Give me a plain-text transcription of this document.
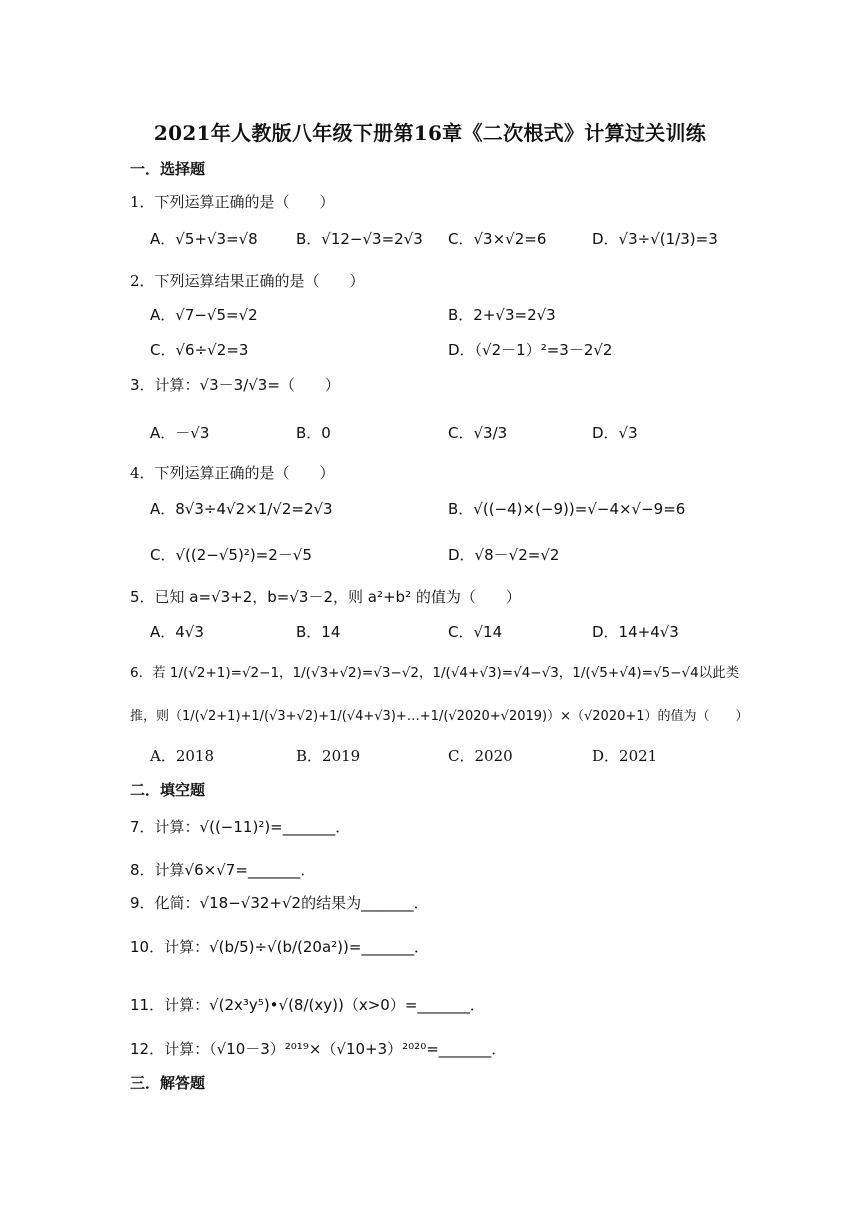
2021年人教版八年级下册第16章《二次根式》计算过关训练
一．选择题
1．下列运算正确的是（　　）
A．√5+√3=√8	B．√12−√3=2√3 C．√3×√2=6	D．√3÷√(1/3)=3
2．下列运算结果正确的是（　　）
A．√7−√5=√2	B．2+√3=2√3
C．√6÷√2=3	D．（√2－1）²=3－2√2
3．计算：√3－3/√3=（　　）
A．－√3	B．0	C．√3/3	D．√3
4．下列运算正确的是（　　）
A．8√3÷4√2×1/√2=2√3	B．√((−4)×(−9))=√−4×√−9=6
C．√((2−√5)²)=2－√5	D．√8－√2=√2
5．已知 a=√3+2，b=√3－2，则 a²+b² 的值为（　　）
A．4√3	B．14	C．√14	D．14+4√3
6．若 1/(√2+1)=√2−1，1/(√3+√2)=√3−√2，1/(√4+√3)=√4−√3，1/(√5+√4)=√5−√4以此类
推，则（1/(√2+1)+1/(√3+√2)+1/(√4+√3)+…+1/(√2020+√2019)）×（√2020+1）的值为（　　）
A．2018	B．2019	C．2020	D．2021
二．填空题
7．计算：√((−11)²)=_______．
8．计算√6×√7=_______．
9．化简：√18−√32+√2的结果为_______．
10．计算：√(b/5)÷√(b/(20a²))=_______．
11．计算：√(2x³y⁵)•√(8/(xy))（x>0）=_______．
12．计算：（√10－3）²⁰¹⁹×（√10+3）²⁰²⁰=_______．
三．解答题
